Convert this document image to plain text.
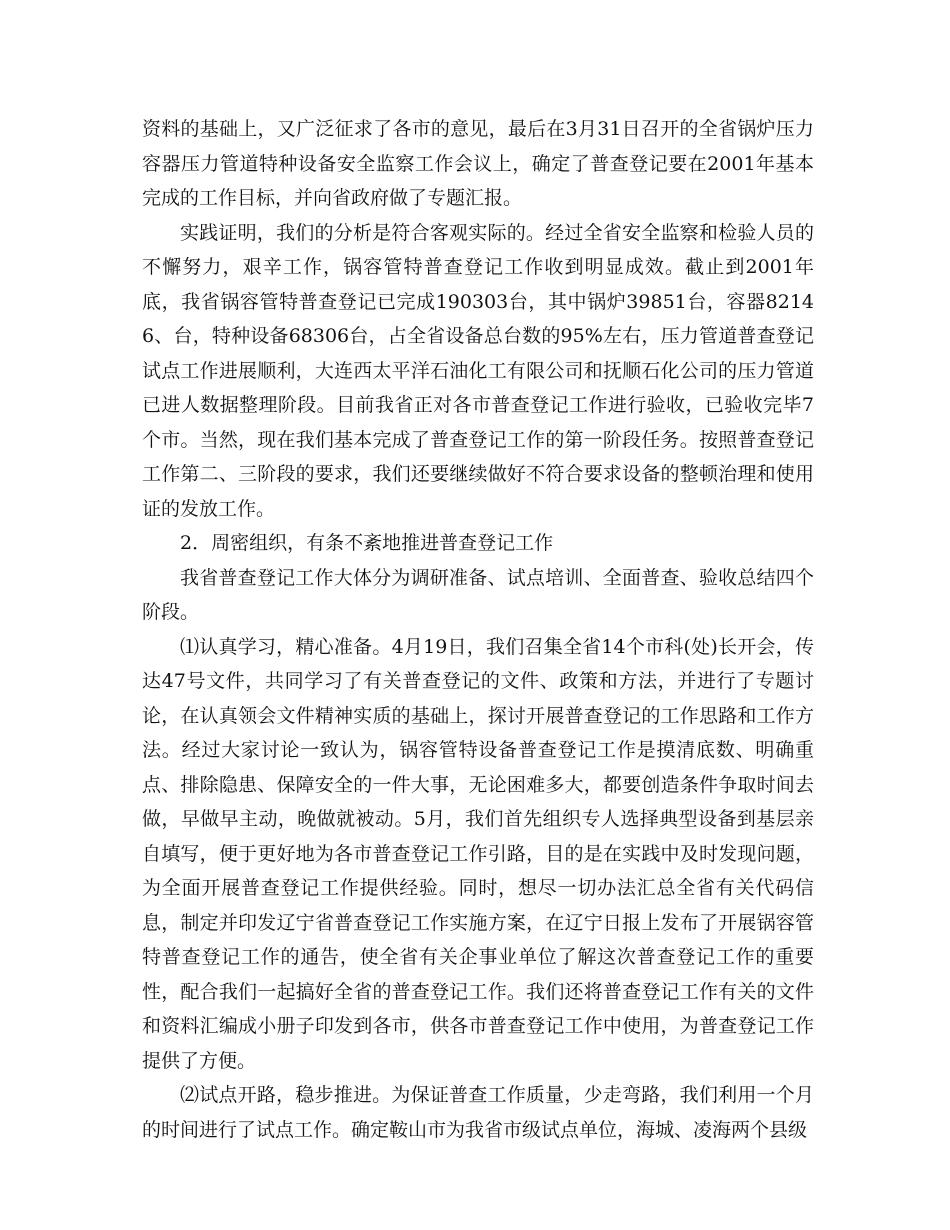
资料的基础上，又广泛征求了各市的意见，最后在3月31日召开的全省锅炉压力容器压力管道特种设备安全监察工作会议上，确定了普查登记要在2001年基本完成的工作目标，并向省政府做了专题汇报。

实践证明，我们的分析是符合客观实际的。经过全省安全监察和检验人员的不懈努力，艰辛工作，锅容管特普查登记工作收到明显成效。截止到2001年底，我省锅容管特普查登记已完成190303台，其中锅炉39851台，容器82146、台，特种设备68306台，占全省设备总台数的95%左右，压力管道普查登记试点工作进展顺利，大连西太平洋石油化工有限公司和抚顺石化公司的压力管道已进人数据整理阶段。目前我省正对各市普查登记工作进行验收，已验收完毕7个市。当然，现在我们基本完成了普查登记工作的第一阶段任务。按照普查登记工作第二、三阶段的要求，我们还要继续做好不符合要求设备的整顿治理和使用证的发放工作。

2．周密组织，有条不紊地推进普查登记工作

我省普查登记工作大体分为调研准备、试点培训、全面普查、验收总结四个阶段。

⑴认真学习，精心准备。4月19日，我们召集全省14个市科(处)长开会，传达47号文件，共同学习了有关普查登记的文件、政策和方法，并进行了专题讨论，在认真领会文件精神实质的基础上，探讨开展普查登记的工作思路和工作方法。经过大家讨论一致认为，锅容管特设备普查登记工作是摸清底数、明确重点、排除隐患、保障安全的一件大事，无论困难多大，都要创造条件争取时间去做，早做早主动，晚做就被动。5月，我们首先组织专人选择典型设备到基层亲自填写，便于更好地为各市普查登记工作引路，目的是在实践中及时发现问题，为全面开展普查登记工作提供经验。同时，想尽一切办法汇总全省有关代码信息，制定并印发辽宁省普查登记工作实施方案，在辽宁日报上发布了开展锅容管特普查登记工作的通告，使全省有关企事业单位了解这次普查登记工作的重要性，配合我们一起搞好全省的普查登记工作。我们还将普查登记工作有关的文件和资料汇编成小册子印发到各市，供各市普查登记工作中使用，为普查登记工作提供了方便。

⑵试点开路，稳步推进。为保证普查工作质量，少走弯路，我们利用一个月的时间进行了试点工作。确定鞍山市为我省市级试点单位，海城、凌海两个县级
